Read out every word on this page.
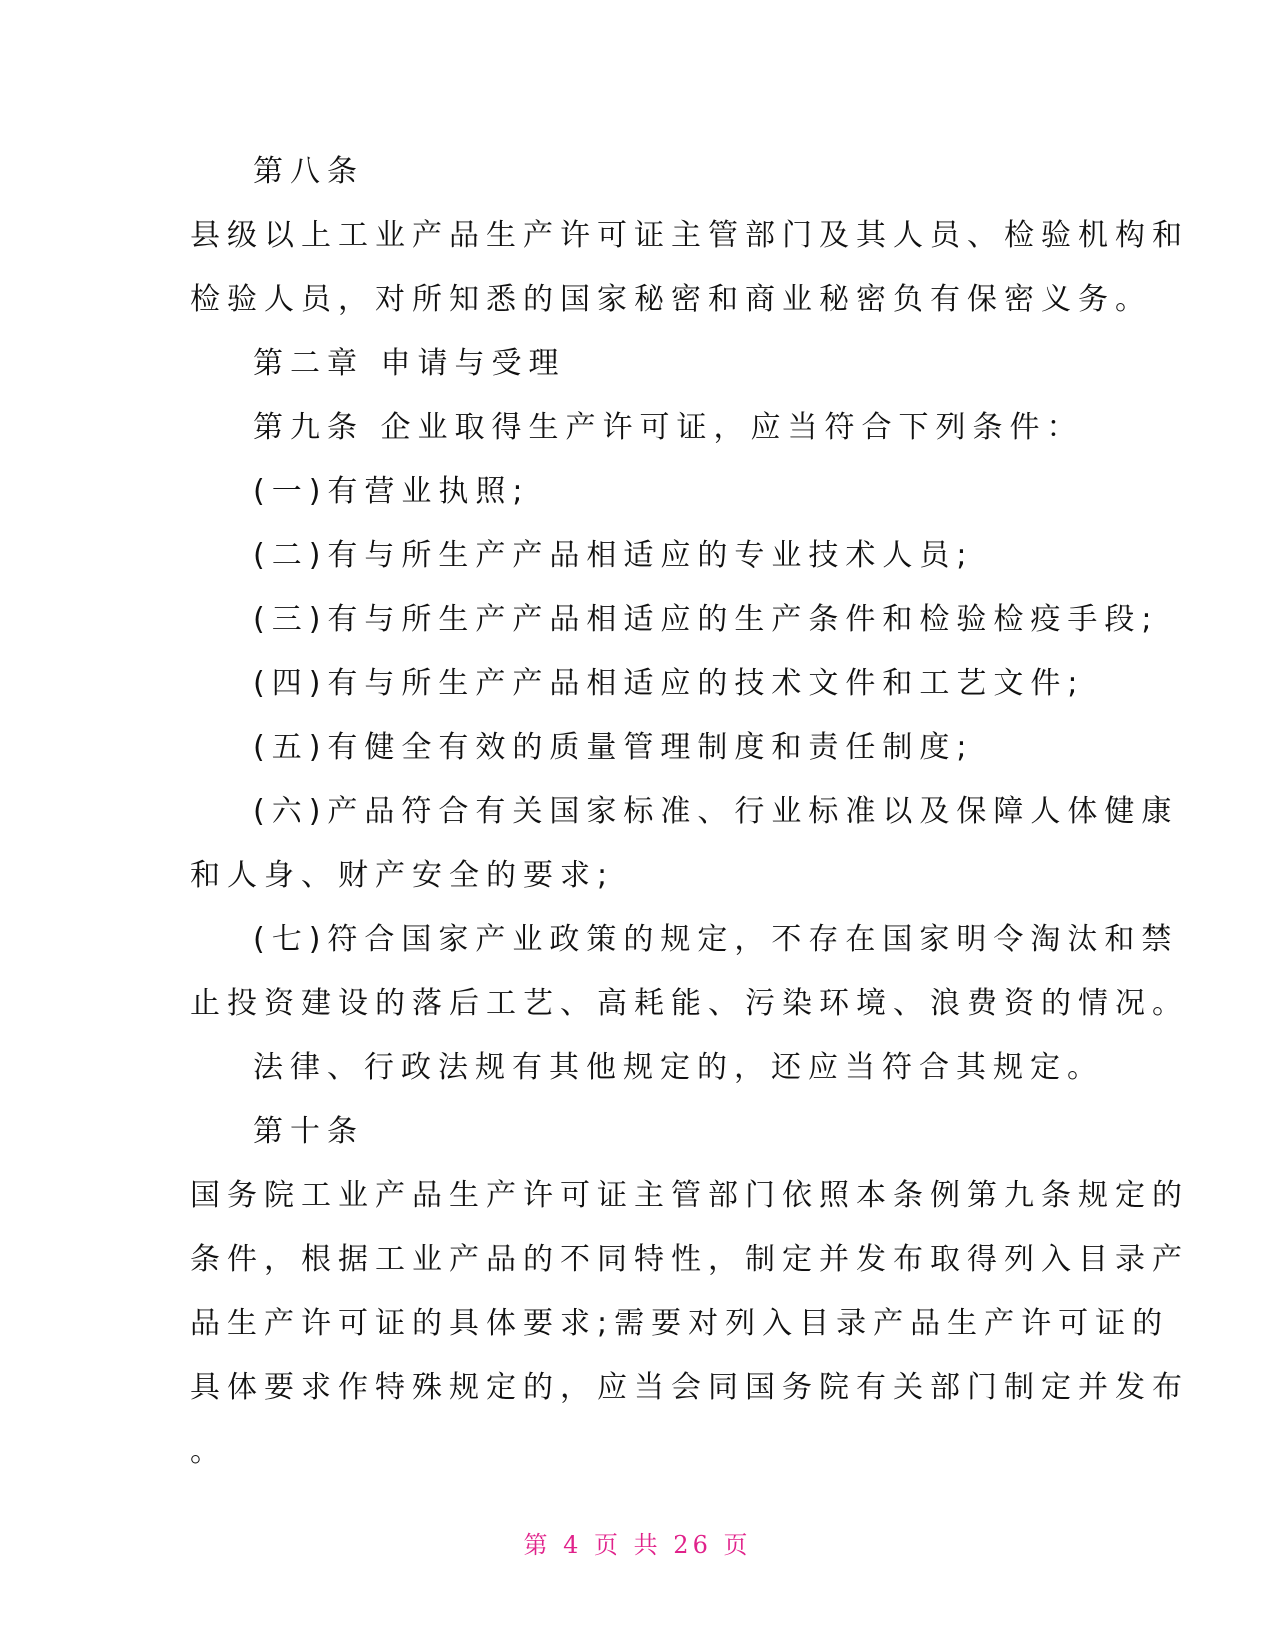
第八条
县级以上工业产品生产许可证主管部门及其人员、检验机构和
检验人员，对所知悉的国家秘密和商业秘密负有保密义务。
第二章 申请与受理
第九条 企业取得生产许可证，应当符合下列条件：
(一)有营业执照;
(二)有与所生产产品相适应的专业技术人员;
(三)有与所生产产品相适应的生产条件和检验检疫手段;
(四)有与所生产产品相适应的技术文件和工艺文件;
(五)有健全有效的质量管理制度和责任制度;
(六)产品符合有关国家标准、行业标准以及保障人体健康
和人身、财产安全的要求;
(七)符合国家产业政策的规定，不存在国家明令淘汰和禁
止投资建设的落后工艺、高耗能、污染环境、浪费资的情况。
法律、行政法规有其他规定的，还应当符合其规定。
第十条
国务院工业产品生产许可证主管部门依照本条例第九条规定的
条件，根据工业产品的不同特性，制定并发布取得列入目录产
品生产许可证的具体要求;需要对列入目录产品生产许可证的
具体要求作特殊规定的，应当会同国务院有关部门制定并发布
。
第 4 页 共 26 页
